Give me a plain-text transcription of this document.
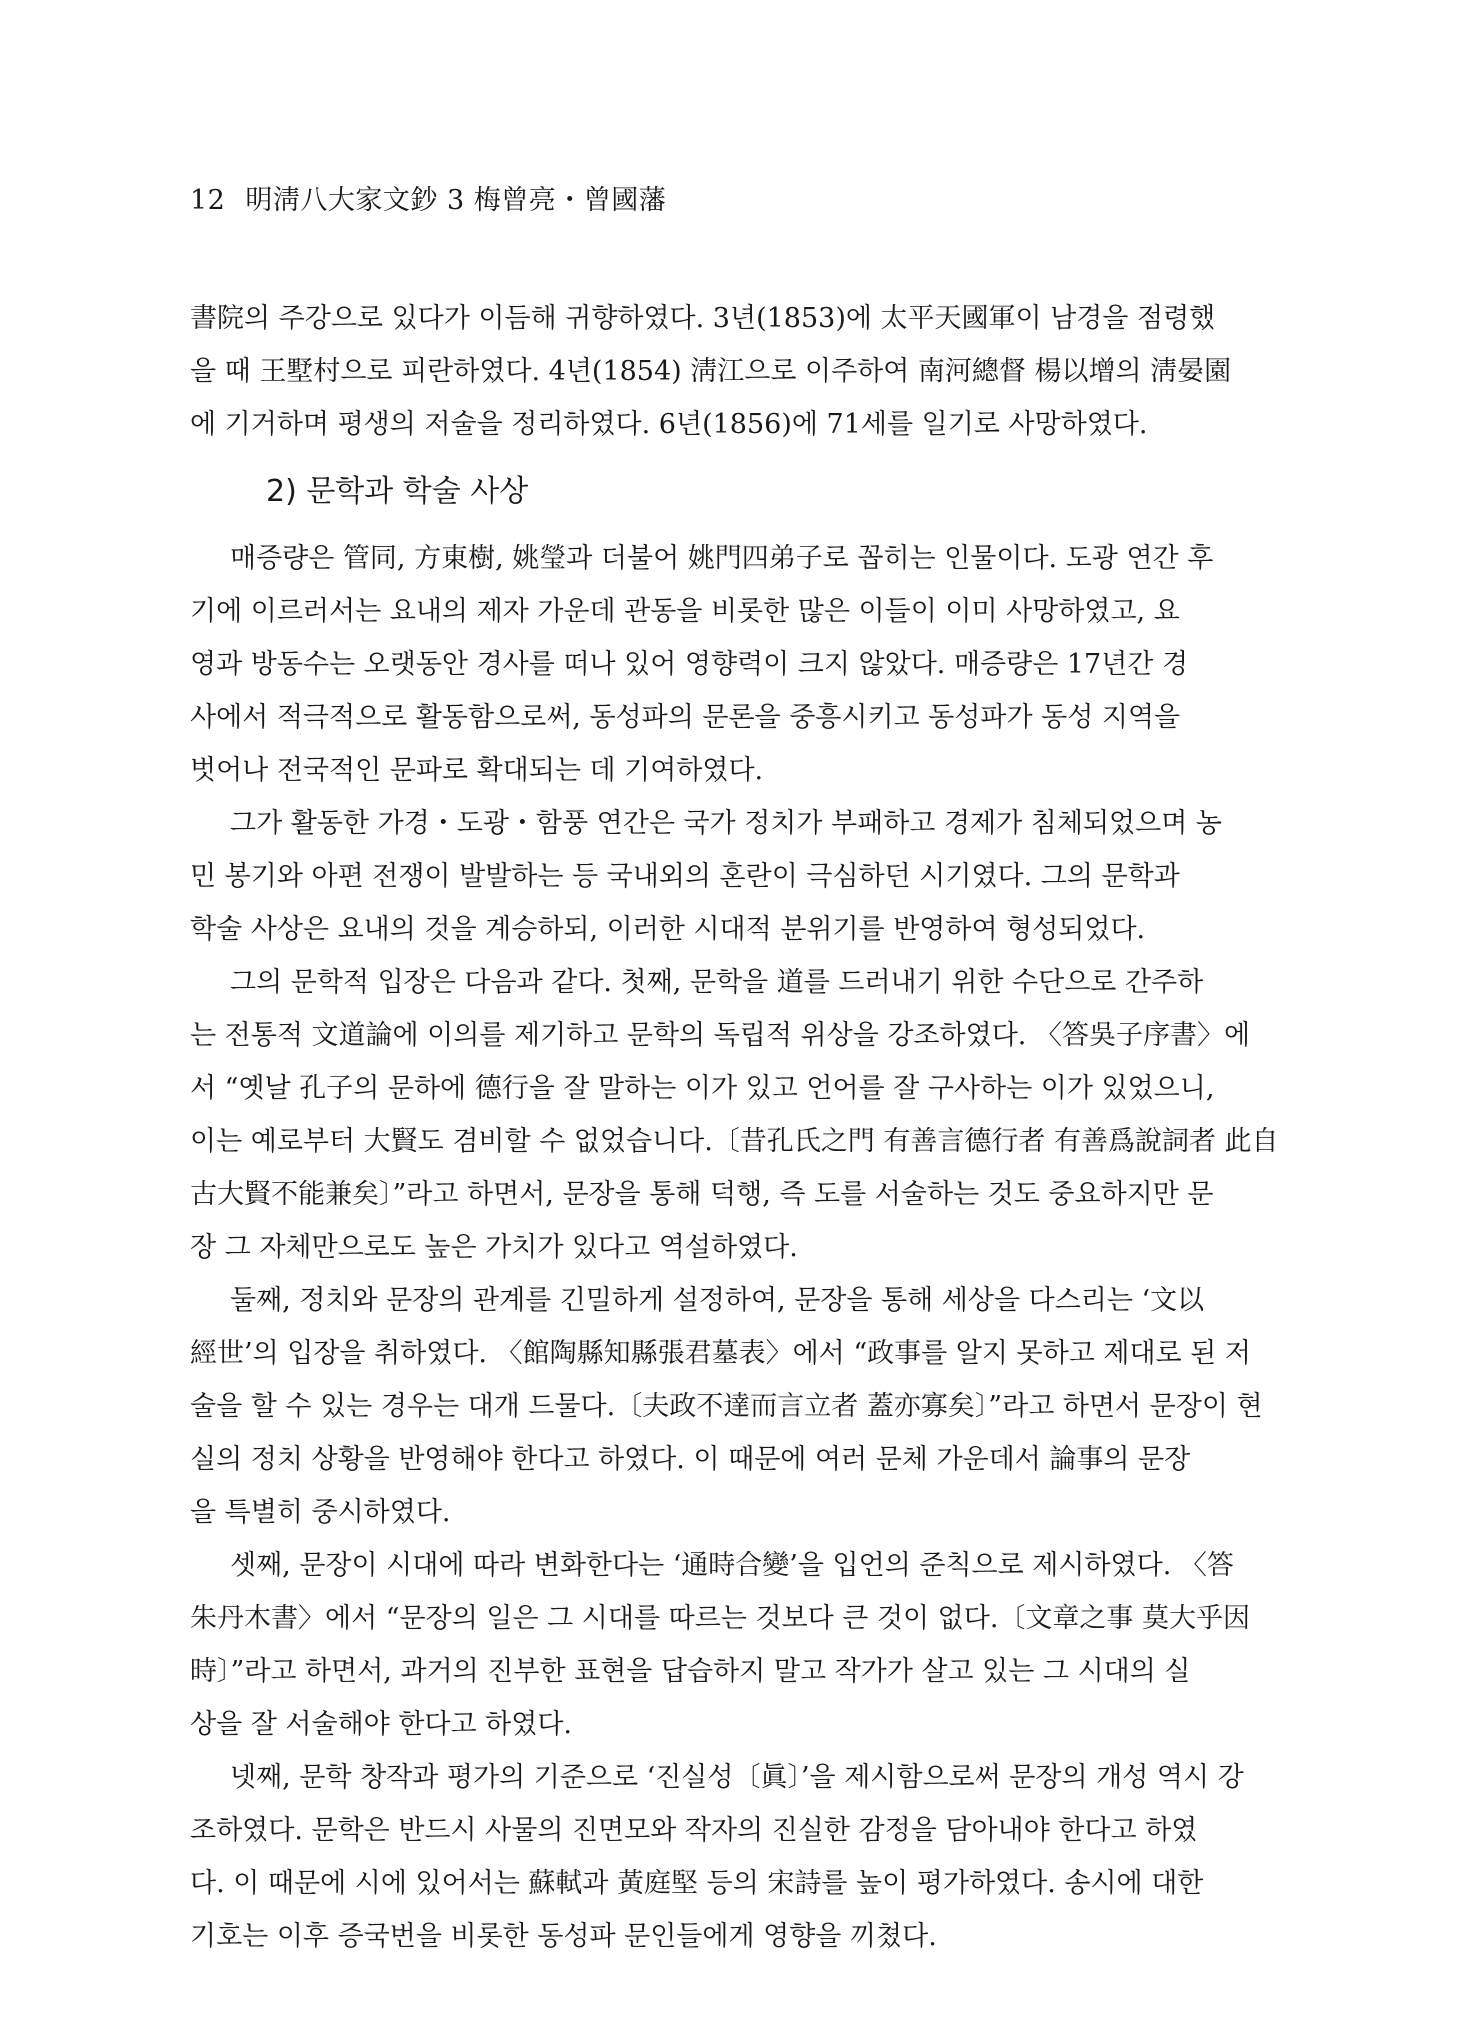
12 明淸八大家文鈔 3 梅曾亮・曾國藩

書院의 주강으로 있다가 이듬해 귀향하였다. 3년(1853)에 太平天國軍이 남경을 점령했

을 때 王墅村으로 피란하였다. 4년(1854) 淸江으로 이주하여 南河總督 楊以增의 淸晏園

에 기거하며 평생의 저술을 정리하였다. 6년(1856)에 71세를 일기로 사망하였다.

2) 문학과 학술 사상

매증량은 管同, 方東樹, 姚瑩과 더불어 姚門四弟子로 꼽히는 인물이다. 도광 연간 후

기에 이르러서는 요내의 제자 가운데 관동을 비롯한 많은 이들이 이미 사망하였고, 요

영과 방동수는 오랫동안 경사를 떠나 있어 영향력이 크지 않았다. 매증량은 17년간 경

사에서 적극적으로 활동함으로써, 동성파의 문론을 중흥시키고 동성파가 동성 지역을

벗어나 전국적인 문파로 확대되는 데 기여하였다.

그가 활동한 가경・도광・함풍 연간은 국가 정치가 부패하고 경제가 침체되었으며 농

민 봉기와 아편 전쟁이 발발하는 등 국내외의 혼란이 극심하던 시기였다. 그의 문학과

학술 사상은 요내의 것을 계승하되, 이러한 시대적 분위기를 반영하여 형성되었다.

그의 문학적 입장은 다음과 같다. 첫째, 문학을 道를 드러내기 위한 수단으로 간주하

는 전통적 文道論에 이의를 제기하고 문학의 독립적 위상을 강조하였다. 〈答吳子序書〉에

서 “옛날 孔子의 문하에 德行을 잘 말하는 이가 있고 언어를 잘 구사하는 이가 있었으니,

이는 예로부터 大賢도 겸비할 수 없었습니다.〔昔孔氏之門 有善言德行者 有善爲說詞者 此自

古大賢不能兼矣〕”라고 하면서, 문장을 통해 덕행, 즉 도를 서술하는 것도 중요하지만 문

장 그 자체만으로도 높은 가치가 있다고 역설하였다.

둘째, 정치와 문장의 관계를 긴밀하게 설정하여, 문장을 통해 세상을 다스리는 ‘文以

經世’의 입장을 취하였다. 〈館陶縣知縣張君墓表〉에서 “政事를 알지 못하고 제대로 된 저

술을 할 수 있는 경우는 대개 드물다.〔夫政不達而言立者 蓋亦寡矣〕”라고 하면서 문장이 현

실의 정치 상황을 반영해야 한다고 하였다. 이 때문에 여러 문체 가운데서 論事의 문장

을 특별히 중시하였다.

셋째, 문장이 시대에 따라 변화한다는 ‘通時合變’을 입언의 준칙으로 제시하였다. 〈答

朱丹木書〉에서 “문장의 일은 그 시대를 따르는 것보다 큰 것이 없다.〔文章之事 莫大乎因

時〕”라고 하면서, 과거의 진부한 표현을 답습하지 말고 작가가 살고 있는 그 시대의 실

상을 잘 서술해야 한다고 하였다.

넷째, 문학 창작과 평가의 기준으로 ‘진실성〔眞〕’을 제시함으로써 문장의 개성 역시 강

조하였다. 문학은 반드시 사물의 진면모와 작자의 진실한 감정을 담아내야 한다고 하였

다. 이 때문에 시에 있어서는 蘇軾과 黃庭堅 등의 宋詩를 높이 평가하였다. 송시에 대한

기호는 이후 증국번을 비롯한 동성파 문인들에게 영향을 끼쳤다.
